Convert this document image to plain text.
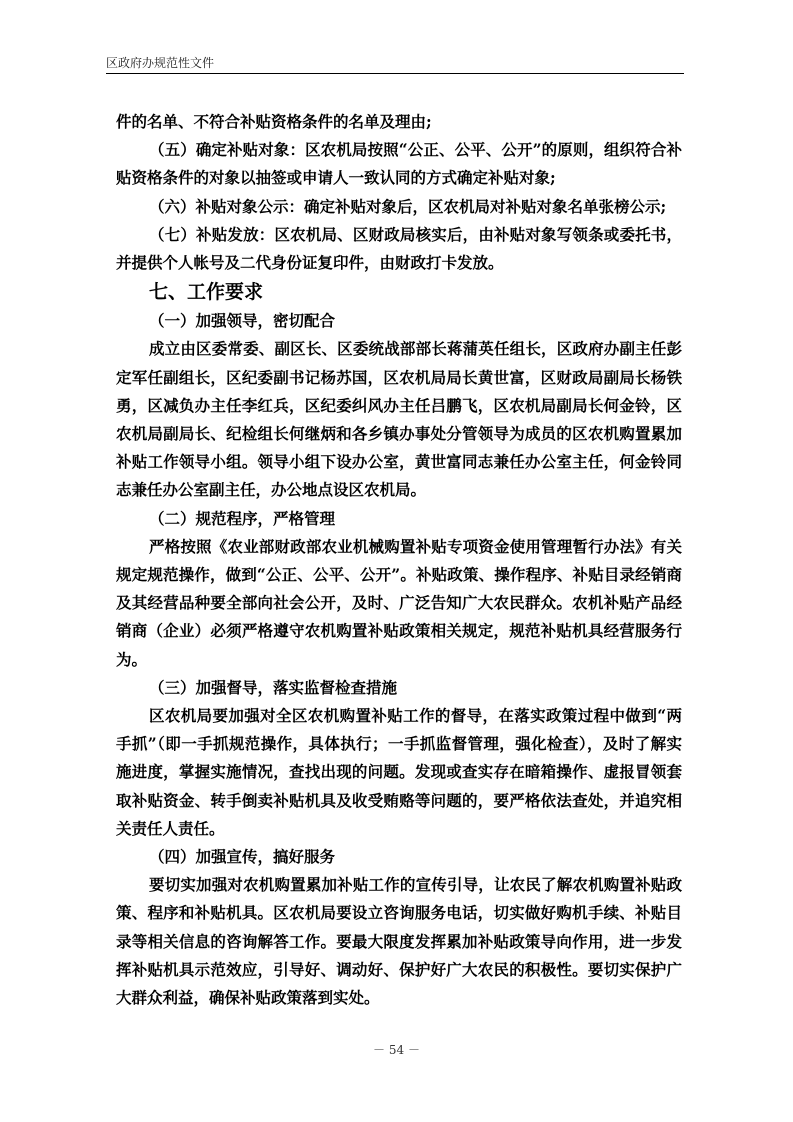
区政府办规范性文件

件的名单、不符合补贴资格条件的名单及理由;

（五）确定补贴对象：区农机局按照“公正、公平、公开”的原则，组织符合补贴资格条件的对象以抽签或申请人一致认同的方式确定补贴对象;

（六）补贴对象公示：确定补贴对象后，区农机局对补贴对象名单张榜公示;

（七）补贴发放：区农机局、区财政局核实后，由补贴对象写领条或委托书，并提供个人帐号及二代身份证复印件，由财政打卡发放。

七、工作要求

（一）加强领导，密切配合

成立由区委常委、副区长、区委统战部部长蒋蒲英任组长，区政府办副主任彭定军任副组长，区纪委副书记杨苏国，区农机局局长黄世富，区财政局副局长杨铁勇，区减负办主任李红兵，区纪委纠风办主任吕鹏飞，区农机局副局长何金铃，区农机局副局长、纪检组长何继炳和各乡镇办事处分管领导为成员的区农机购置累加补贴工作领导小组。领导小组下设办公室，黄世富同志兼任办公室主任，何金铃同志兼任办公室副主任，办公地点设区农机局。

（二）规范程序，严格管理

严格按照《农业部财政部农业机械购置补贴专项资金使用管理暂行办法》有关规定规范操作，做到“公正、公平、公开”。补贴政策、操作程序、补贴目录经销商及其经营品种要全部向社会公开，及时、广泛告知广大农民群众。农机补贴产品经销商（企业）必须严格遵守农机购置补贴政策相关规定，规范补贴机具经营服务行为。

（三）加强督导，落实监督检查措施

区农机局要加强对全区农机购置补贴工作的督导，在落实政策过程中做到“两手抓”（即一手抓规范操作，具体执行；一手抓监督管理，强化检查），及时了解实施进度，掌握实施情况，查找出现的问题。发现或查实存在暗箱操作、虚报冒领套取补贴资金、转手倒卖补贴机具及收受贿赂等问题的，要严格依法查处，并追究相关责任人责任。

（四）加强宣传，搞好服务

要切实加强对农机购置累加补贴工作的宣传引导，让农民了解农机购置补贴政策、程序和补贴机具。区农机局要设立咨询服务电话，切实做好购机手续、补贴目录等相关信息的咨询解答工作。要最大限度发挥累加补贴政策导向作用，进一步发挥补贴机具示范效应，引导好、调动好、保护好广大农民的积极性。要切实保护广大群众利益，确保补贴政策落到实处。

－ 54 －
